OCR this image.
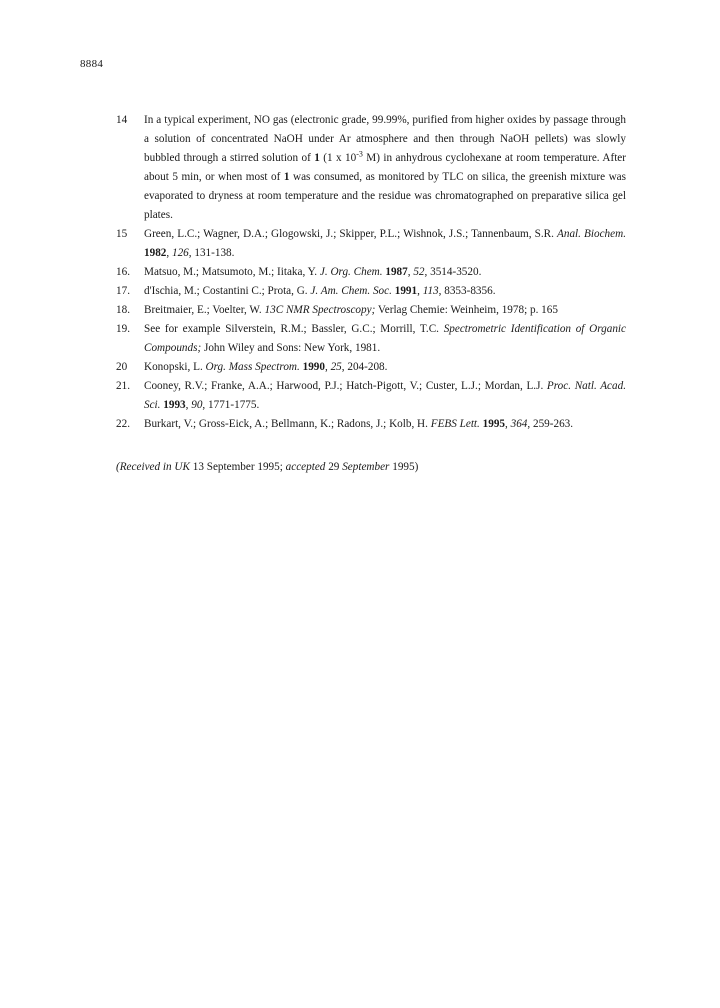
8884
14	In a typical experiment, NO gas (electronic grade, 99.99%, purified from higher oxides by passage through a solution of concentrated NaOH under Ar atmosphere and then through NaOH pellets) was slowly bubbled through a stirred solution of 1 (1 x $10^{-3}$ M) in anhydrous cyclohexane at room temperature. After about 5 min, or when most of 1 was consumed, as monitored by TLC on silica, the greenish mixture was evaporated to dryness at room temperature and the residue was chromatographed on preparative silica gel plates.
15	Green, L.C.; Wagner, D.A.; Glogowski, J.; Skipper, P.L.; Wishnok, J.S.; Tannenbaum, S.R. Anal. Biochem. 1982, 126, 131-138.
16.	Matsuo, M.; Matsumoto, M.; Iitaka, Y. J. Org. Chem. 1987, 52, 3514-3520.
17.	d'Ischia, M.; Costantini C.; Prota, G. J. Am. Chem. Soc. 1991, 113, 8353-8356.
18.	Breitmaier, E.; Voelter, W. 13C NMR Spectroscopy; Verlag Chemie: Weinheim, 1978; p. 165
19.	See for example Silverstein, R.M.; Bassler, G.C.; Morrill, T.C. Spectrometric Identification of Organic Compounds; John Wiley and Sons: New York, 1981.
20	Konopski, L. Org. Mass Spectrom. 1990, 25, 204-208.
21.	Cooney, R.V.; Franke, A.A.; Harwood, P.J.; Hatch-Pigott, V.; Custer, L.J.; Mordan, L.J. Proc. Natl. Acad. Sci. 1993, 90, 1771-1775.
22.	Burkart, V.; Gross-Eick, A.; Bellmann, K.; Radons, J.; Kolb, H. FEBS Lett. 1995, 364, 259-263.
(Received in UK 13 September 1995; accepted 29 September 1995)
